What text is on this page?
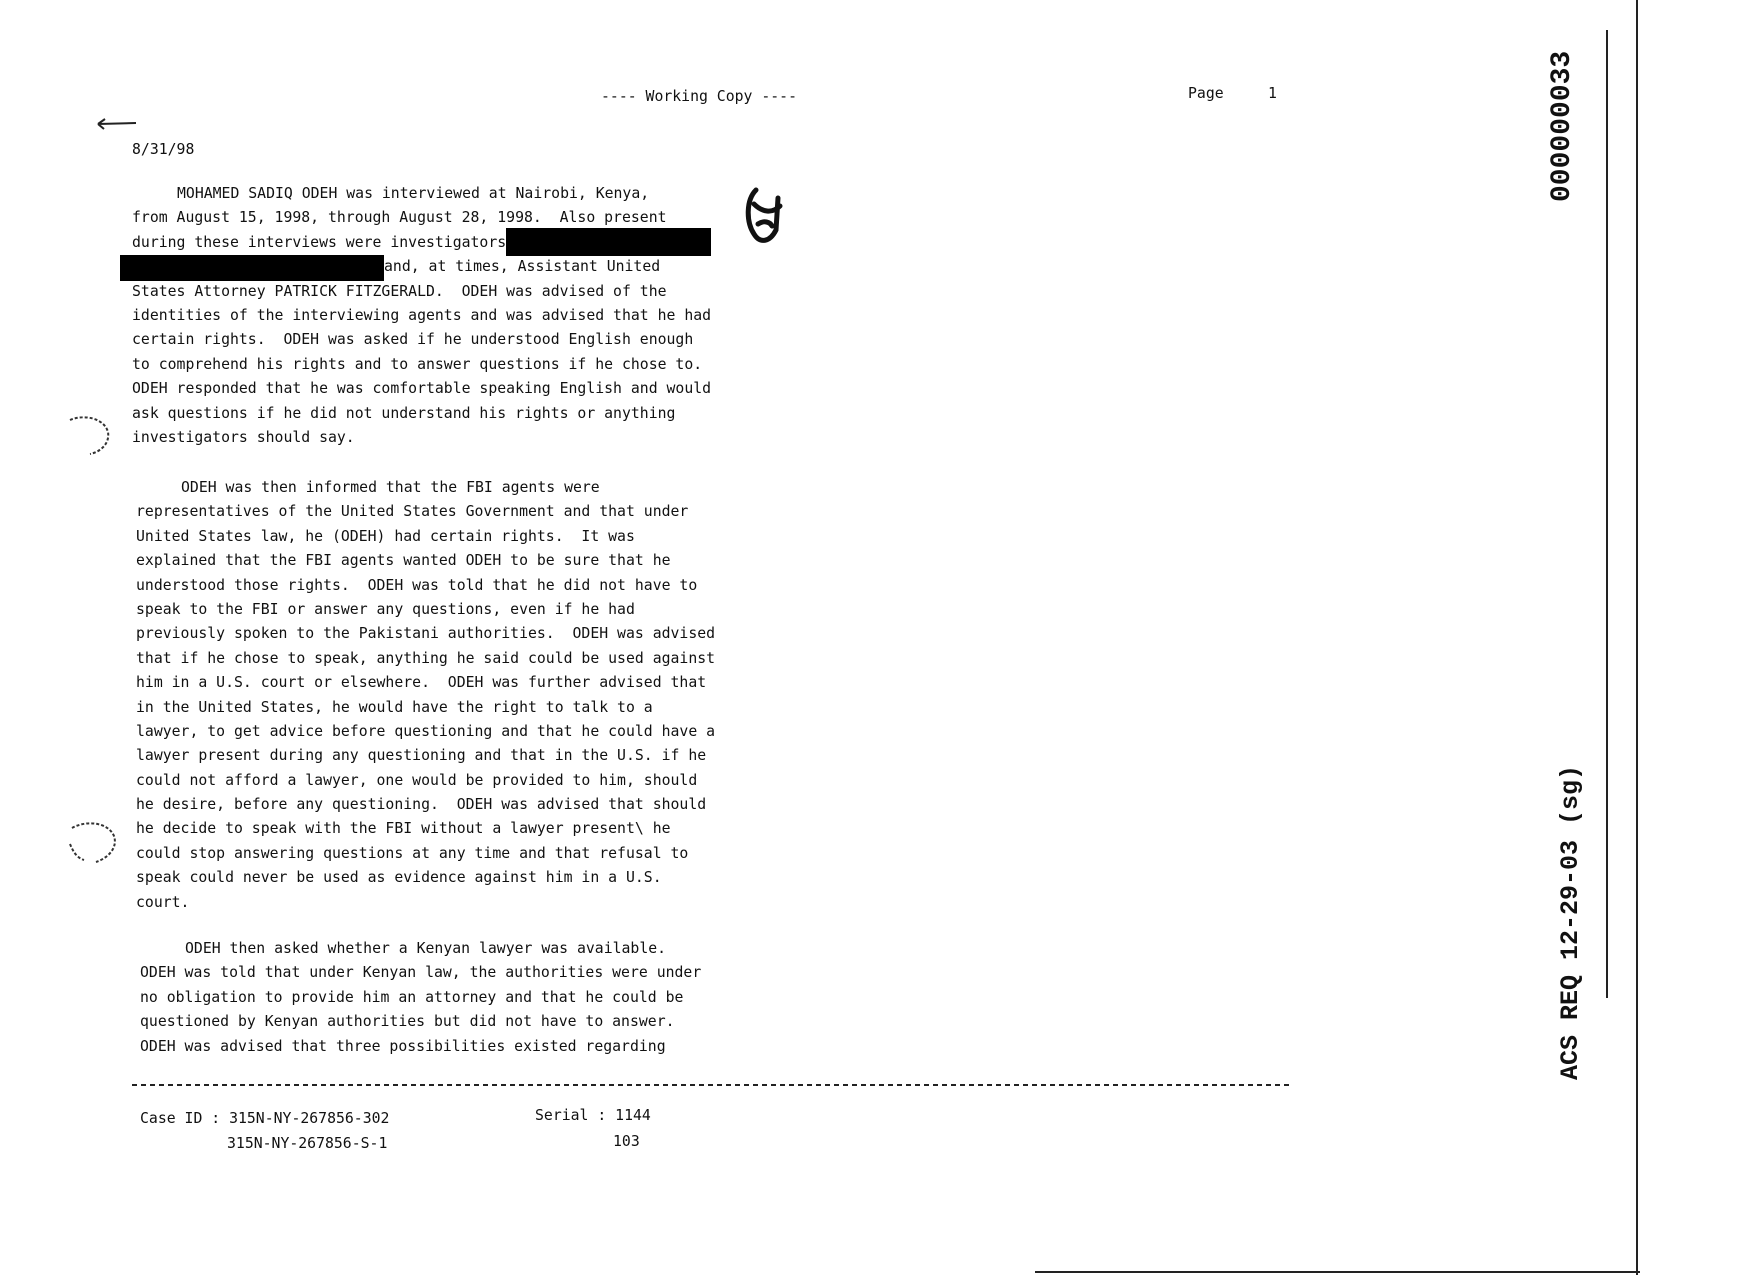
---- Working Copy ----	Page	1
8/31/98
MOHAMED SADIQ ODEH was interviewed at Nairobi, Kenya,
from August 15, 1998, through August 28, 1998.  Also present
during these interviews were investigators
and, at times, Assistant United
States Attorney PATRICK FITZGERALD.  ODEH was advised of the
identities of the interviewing agents and was advised that he had
certain rights.  ODEH was asked if he understood English enough
to comprehend his rights and to answer questions if he chose to.
ODEH responded that he was comfortable speaking English and would
ask questions if he did not understand his rights or anything
investigators should say.
ODEH was then informed that the FBI agents were
representatives of the United States Government and that under
United States law, he (ODEH) had certain rights.  It was
explained that the FBI agents wanted ODEH to be sure that he
understood those rights.  ODEH was told that he did not have to
speak to the FBI or answer any questions, even if he had
previously spoken to the Pakistani authorities.  ODEH was advised
that if he chose to speak, anything he said could be used against
him in a U.S. court or elsewhere.  ODEH was further advised that
in the United States, he would have the right to talk to a
lawyer, to get advice before questioning and that he could have a
lawyer present during any questioning and that in the U.S. if he
could not afford a lawyer, one would be provided to him, should
he desire, before any questioning.  ODEH was advised that should
he decide to speak with the FBI without a lawyer present\ he
could stop answering questions at any time and that refusal to
speak could never be used as evidence against him in a U.S.
court.
ODEH then asked whether a Kenyan lawyer was available.
ODEH was told that under Kenyan law, the authorities were under
no obligation to provide him an attorney and that he could be
questioned by Kenyan authorities but did not have to answer.
ODEH was advised that three possibilities existed regarding
Case ID : 315N-NY-267856-302
315N-NY-267856-S-1
Serial : 1144
103
000000033
ACS REQ 12-29-03 (sg)
